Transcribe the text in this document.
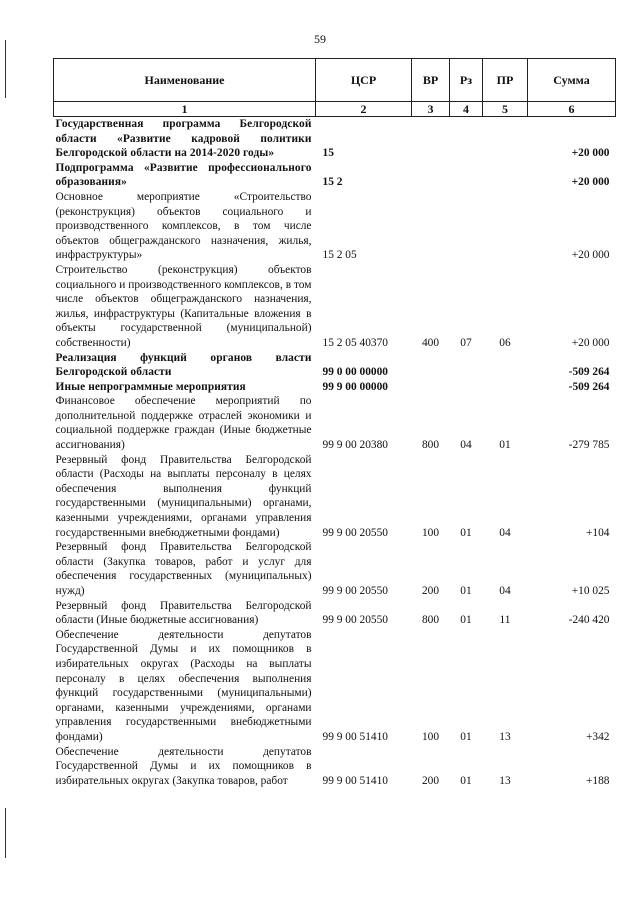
59
Наименование	ЦСР	ВР	Рз	ПР	Сумма
1	2	3	4	5	6
Государственная программа Белгородской области «Развитие кадровой политики Белгородской области на 2014-2020 годы»	15				+20 000
Подпрограмма «Развитие профессионального образования»	15 2				+20 000
Основное мероприятие «Строительство (реконструкция) объектов социального и производственного комплексов, в том числе объектов общегражданского назначения, жилья, инфраструктуры»	15 2 05				+20 000
Строительство (реконструкция) объектов социального и производственного комплексов, в том числе объектов общегражданского назначения, жилья, инфраструктуры (Капитальные вложения в объекты государственной (муниципальной) собственности)	15 2 05 40370	400	07	06	+20 000
Реализация функций органов власти Белгородской области	99 0 00 00000				-509 264
Иные непрограммные мероприятия	99 9 00 00000				-509 264
Финансовое обеспечение мероприятий по дополнительной поддержке отраслей экономики и социальной поддержке граждан (Иные бюджетные ассигнования)	99 9 00 20380	800	04	01	-279 785
Резервный фонд Правительства Белгородской области (Расходы на выплаты персоналу в целях обеспечения выполнения функций государственными (муниципальными) органами, казенными учреждениями, органами управления государственными внебюджетными фондами)	99 9 00 20550	100	01	04	+104
Резервный фонд Правительства Белгородской области (Закупка товаров, работ и услуг для обеспечения государственных (муниципальных) нужд)	99 9 00 20550	200	01	04	+10 025
Резервный фонд Правительства Белгородской области (Иные бюджетные ассигнования)	99 9 00 20550	800	01	11	-240 420
Обеспечение деятельности депутатов Государственной Думы и их помощников в избирательных округах (Расходы на выплаты персоналу в целях обеспечения выполнения функций государственными (муниципальными) органами, казенными учреждениями, органами управления государственными внебюджетными фондами)	99 9 00 51410	100	01	13	+342
Обеспечение деятельности депутатов Государственной Думы и их помощников в избирательных округах (Закупка товаров, работ	99 9 00 51410	200	01	13	+188
